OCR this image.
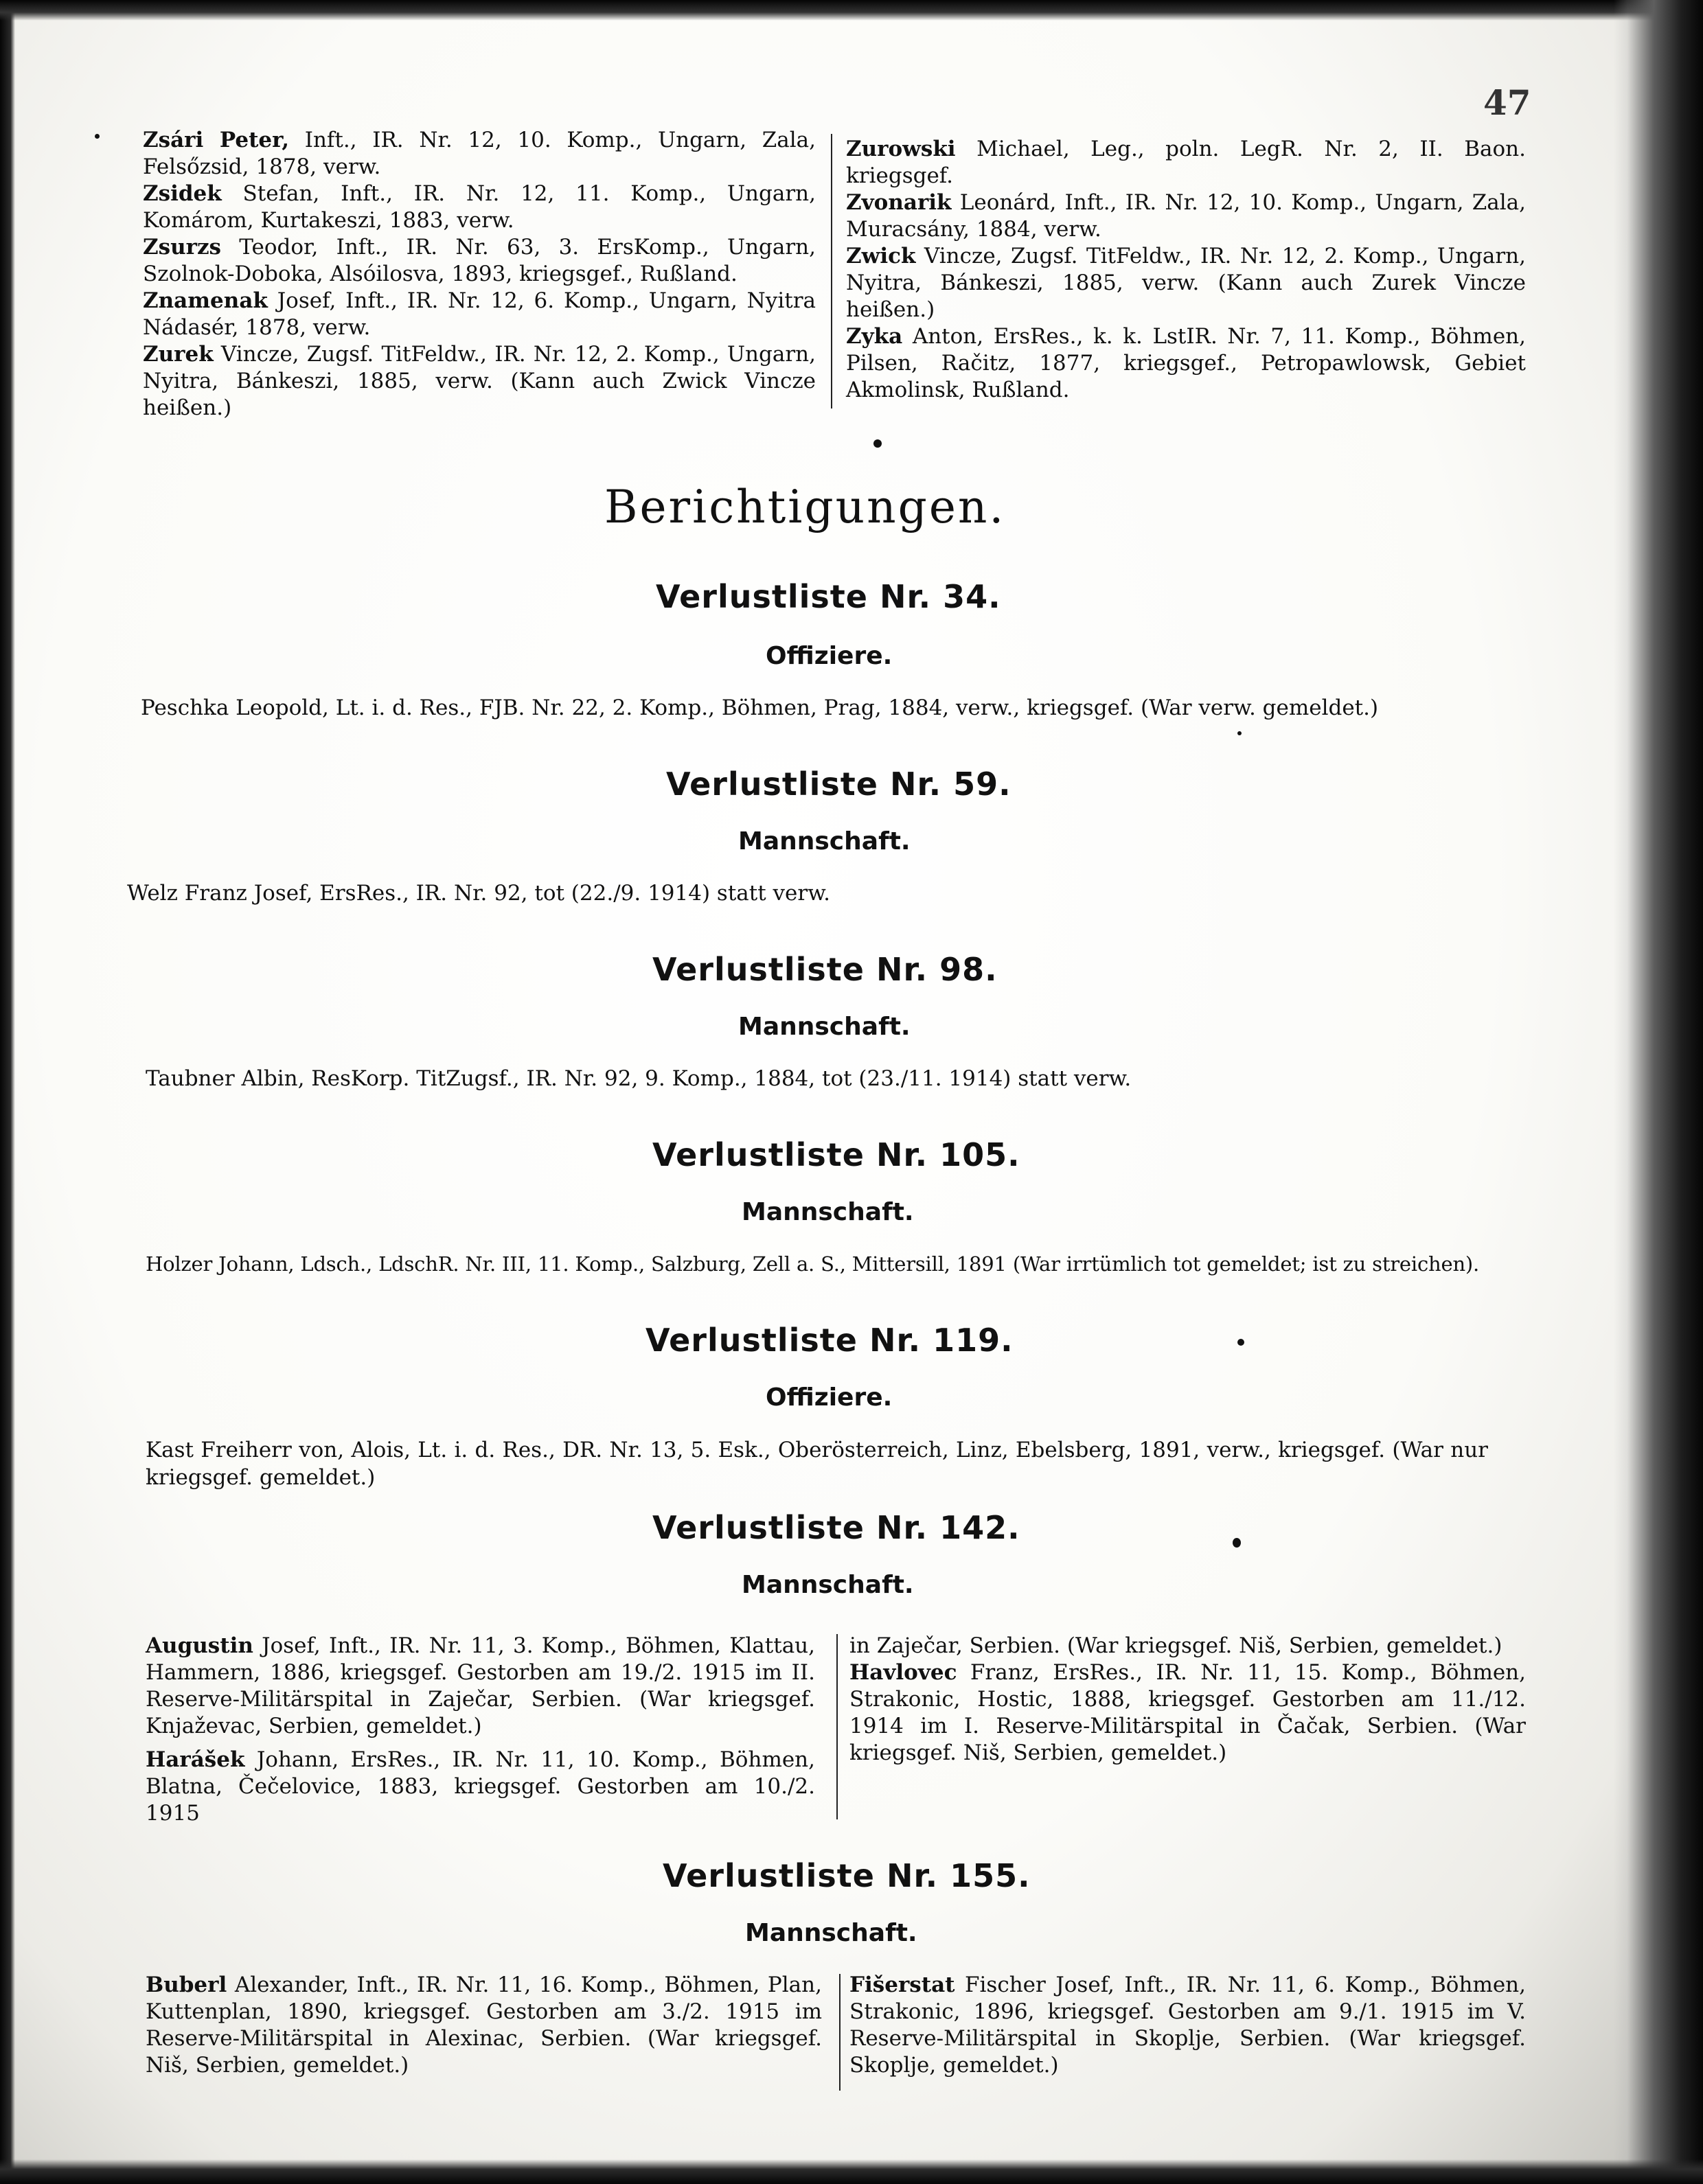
47

Zsári Peter, Inft., IR. Nr. 12, 10. Komp., Ungarn, Zala, Felsőzsid, 1878, verw.

Zsidek Stefan, Inft., IR. Nr. 12, 11. Komp., Ungarn, Komárom, Kurtakeszi, 1883, verw.

Zsurzs Teodor, Inft., IR. Nr. 63, 3. ErsKomp., Ungarn, Szolnok-Doboka, Alsóilosva, 1893, kriegsgef., Rußland.

Znamenak Josef, Inft., IR. Nr. 12, 6. Komp., Ungarn, Nyitra Nádasér, 1878, verw.

Zurek Vincze, Zugsf. TitFeldw., IR. Nr. 12, 2. Komp., Ungarn, Nyitra, Bánkeszi, 1885, verw. (Kann auch Zwick Vincze heißen.)

Zurowski Michael, Leg., poln. LegR. Nr. 2, II. Baon. kriegsgef.

Zvonarik Leonárd, Inft., IR. Nr. 12, 10. Komp., Ungarn, Zala, Muracsány, 1884, verw.

Zwick Vincze, Zugsf. TitFeldw., IR. Nr. 12, 2. Komp., Ungarn, Nyitra, Bánkeszi, 1885, verw. (Kann auch Zurek Vincze heißen.)

Zyka Anton, ErsRes., k. k. LstIR. Nr. 7, 11. Komp., Böhmen, Pilsen, Račitz, 1877, kriegsgef., Petropawlowsk, Gebiet Akmolinsk, Rußland.

Berichtigungen.
Verlustliste Nr. 34.
Offiziere.
Peschka Leopold, Lt. i. d. Res., FJB. Nr. 22, 2. Komp., Böhmen, Prag, 1884, verw., kriegsgef. (War verw. gemeldet.)
Verlustliste Nr. 59.
Mannschaft.
Welz Franz Josef, ErsRes., IR. Nr. 92, tot (22./9. 1914) statt verw.
Verlustliste Nr. 98.
Mannschaft.
Taubner Albin, ResKorp. TitZugsf., IR. Nr. 92, 9. Komp., 1884, tot (23./11. 1914) statt verw.
Verlustliste Nr. 105.
Mannschaft.
Holzer Johann, Ldsch., LdschR. Nr. III, 11. Komp., Salzburg, Zell a. S., Mittersill, 1891 (War irrtümlich tot gemeldet; ist zu streichen).
Verlustliste Nr. 119.
Offiziere.
Kast Freiherr von, Alois, Lt. i. d. Res., DR. Nr. 13, 5. Esk., Oberösterreich, Linz, Ebelsberg, 1891, verw., kriegsgef. (War nur kriegsgef. gemeldet.)
Verlustliste Nr. 142.
Mannschaft.

Augustin Josef, Inft., IR. Nr. 11, 3. Komp., Böhmen, Klattau, Hammern, 1886, kriegsgef. Gestorben am 19./2. 1915 im II. Reserve-Militärspital in Zaječar, Serbien. (War kriegsgef. Knjaževac, Serbien, gemeldet.)

Harášek Johann, ErsRes., IR. Nr. 11, 10. Komp., Böhmen, Blatna, Čečelovice, 1883, kriegsgef. Gestorben am 10./2. 1915

in Zaječar, Serbien. (War kriegsgef. Niš, Serbien, gemeldet.)

Havlovec Franz, ErsRes., IR. Nr. 11, 15. Komp., Böhmen, Strakonic, Hostic, 1888, kriegsgef. Gestorben am 11./12. 1914 im I. Reserve-Militärspital in Čačak, Serbien. (War kriegsgef. Niš, Serbien, gemeldet.)

Verlustliste Nr. 155.
Mannschaft.

Buberl Alexander, Inft., IR. Nr. 11, 16. Komp., Böhmen, Plan, Kuttenplan, 1890, kriegsgef. Gestorben am 3./2. 1915 im Reserve-Militärspital in Alexinac, Serbien. (War kriegsgef. Niš, Serbien, gemeldet.)

Fišerstat Fischer Josef, Inft., IR. Nr. 11, 6. Komp., Böhmen, Strakonic, 1896, kriegsgef. Gestorben am 9./1. 1915 im V. Reserve-Militärspital in Skoplje, Serbien. (War kriegsgef. Skoplje, gemeldet.)
